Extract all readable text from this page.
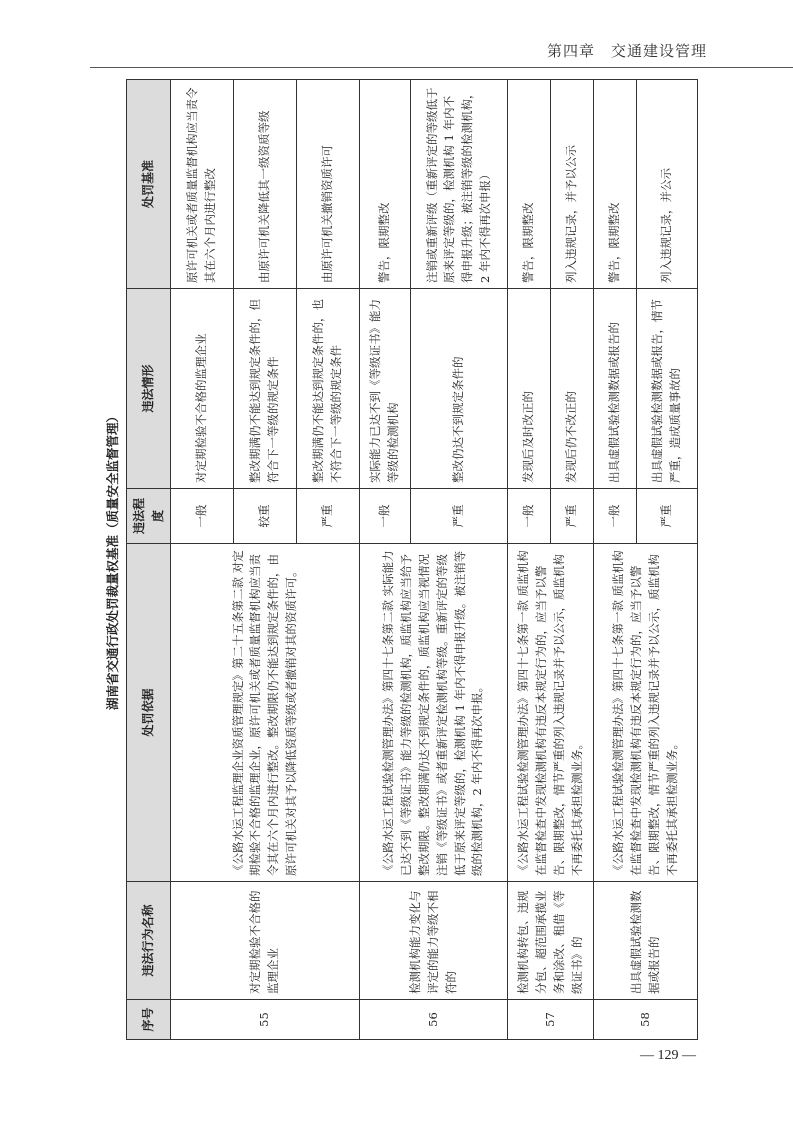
第四章　交通建设管理
湖南省交通行政处罚裁量权基准（质量安全监督管理）
序号	违法行为名称	处罚依据	违法程度	违法情形	处罚基准
55	对定期检验不合格的监理企业	《公路水运工程监理企业资质管理规定》第二十五条第二款 对定期检验不合格的监理企业，原许可机关或者质量监督机构应当责令其在六个月内进行整改。整改期限仍不能达到规定条件的，由原许可机关对其予以降低资质等级或者撤销对其的资质许可。	一般	对定期检验不合格的监理企业	原许可机关或者质量监督机构应当责令其在六个月内进行整改
			较重	整改期满仍不能达到规定条件的，但符合下一等级的规定条件	由原许可机关降低其一级资质等级
			严重	整改期满仍不能达到规定条件的，也不符合下一等级的规定条件	由原许可机关撤销资质许可
56	检测机构能力变化与评定的能力等级不相符的	《公路水运工程试验检测管理办法》第四十七条第二款 实际能力已达不到《等级证书》能力等级的检测机构，质监机构应当给予整改期限。整改期满仍达不到规定条件的，质监机构应当视情况注销《等级证书》或者重新评定检测机构等级。重新评定的等级低于原来评定等级的，检测机构 1 年内不得申报升级。被注销等级的检测机构，2 年内不得再次申报。	一般	实际能力已达不到《等级证书》能力等级的检测机构	警告，限期整改
			严重	整改仍达不到规定条件的	注销或重新评级（重新评定的等级低于原来评定等级的，检测机构 1 年内不得申报升级；被注销等级的检测机构，2 年内不得再次申报）
57	检测机构转包、违规分包、超范围承揽业务和涂改、租借《等级证书》的	《公路水运工程试验检测管理办法》第四十七条第一款 质监机构在监督检查中发现检测机构有违反本规定行为的，应当予以警告、限期整改，情节严重的列入违规记录并予以公示，质监机构不再委托其承担检测业务。	一般	发现后及时改正的	警告，限期整改
			严重	发现后仍不改正的	列入违规记录，并予以公示
58	出具虚假试验检测数据或报告的	《公路水运工程试验检测管理办法》第四十七条第一款 质监机构在监督检查中发现检测机构有违反本规定行为的，应当予以警告、限期整改，情节严重的列入违规记录并予以公示，质监机构不再委托其承担检测业务。	一般	出具虚假试验检测数据或报告的	警告，限期整改
			严重	出具虚假试验检测数据或报告，情节严重，造成质量事故的	列入违规记录，并公示
— 129 —
